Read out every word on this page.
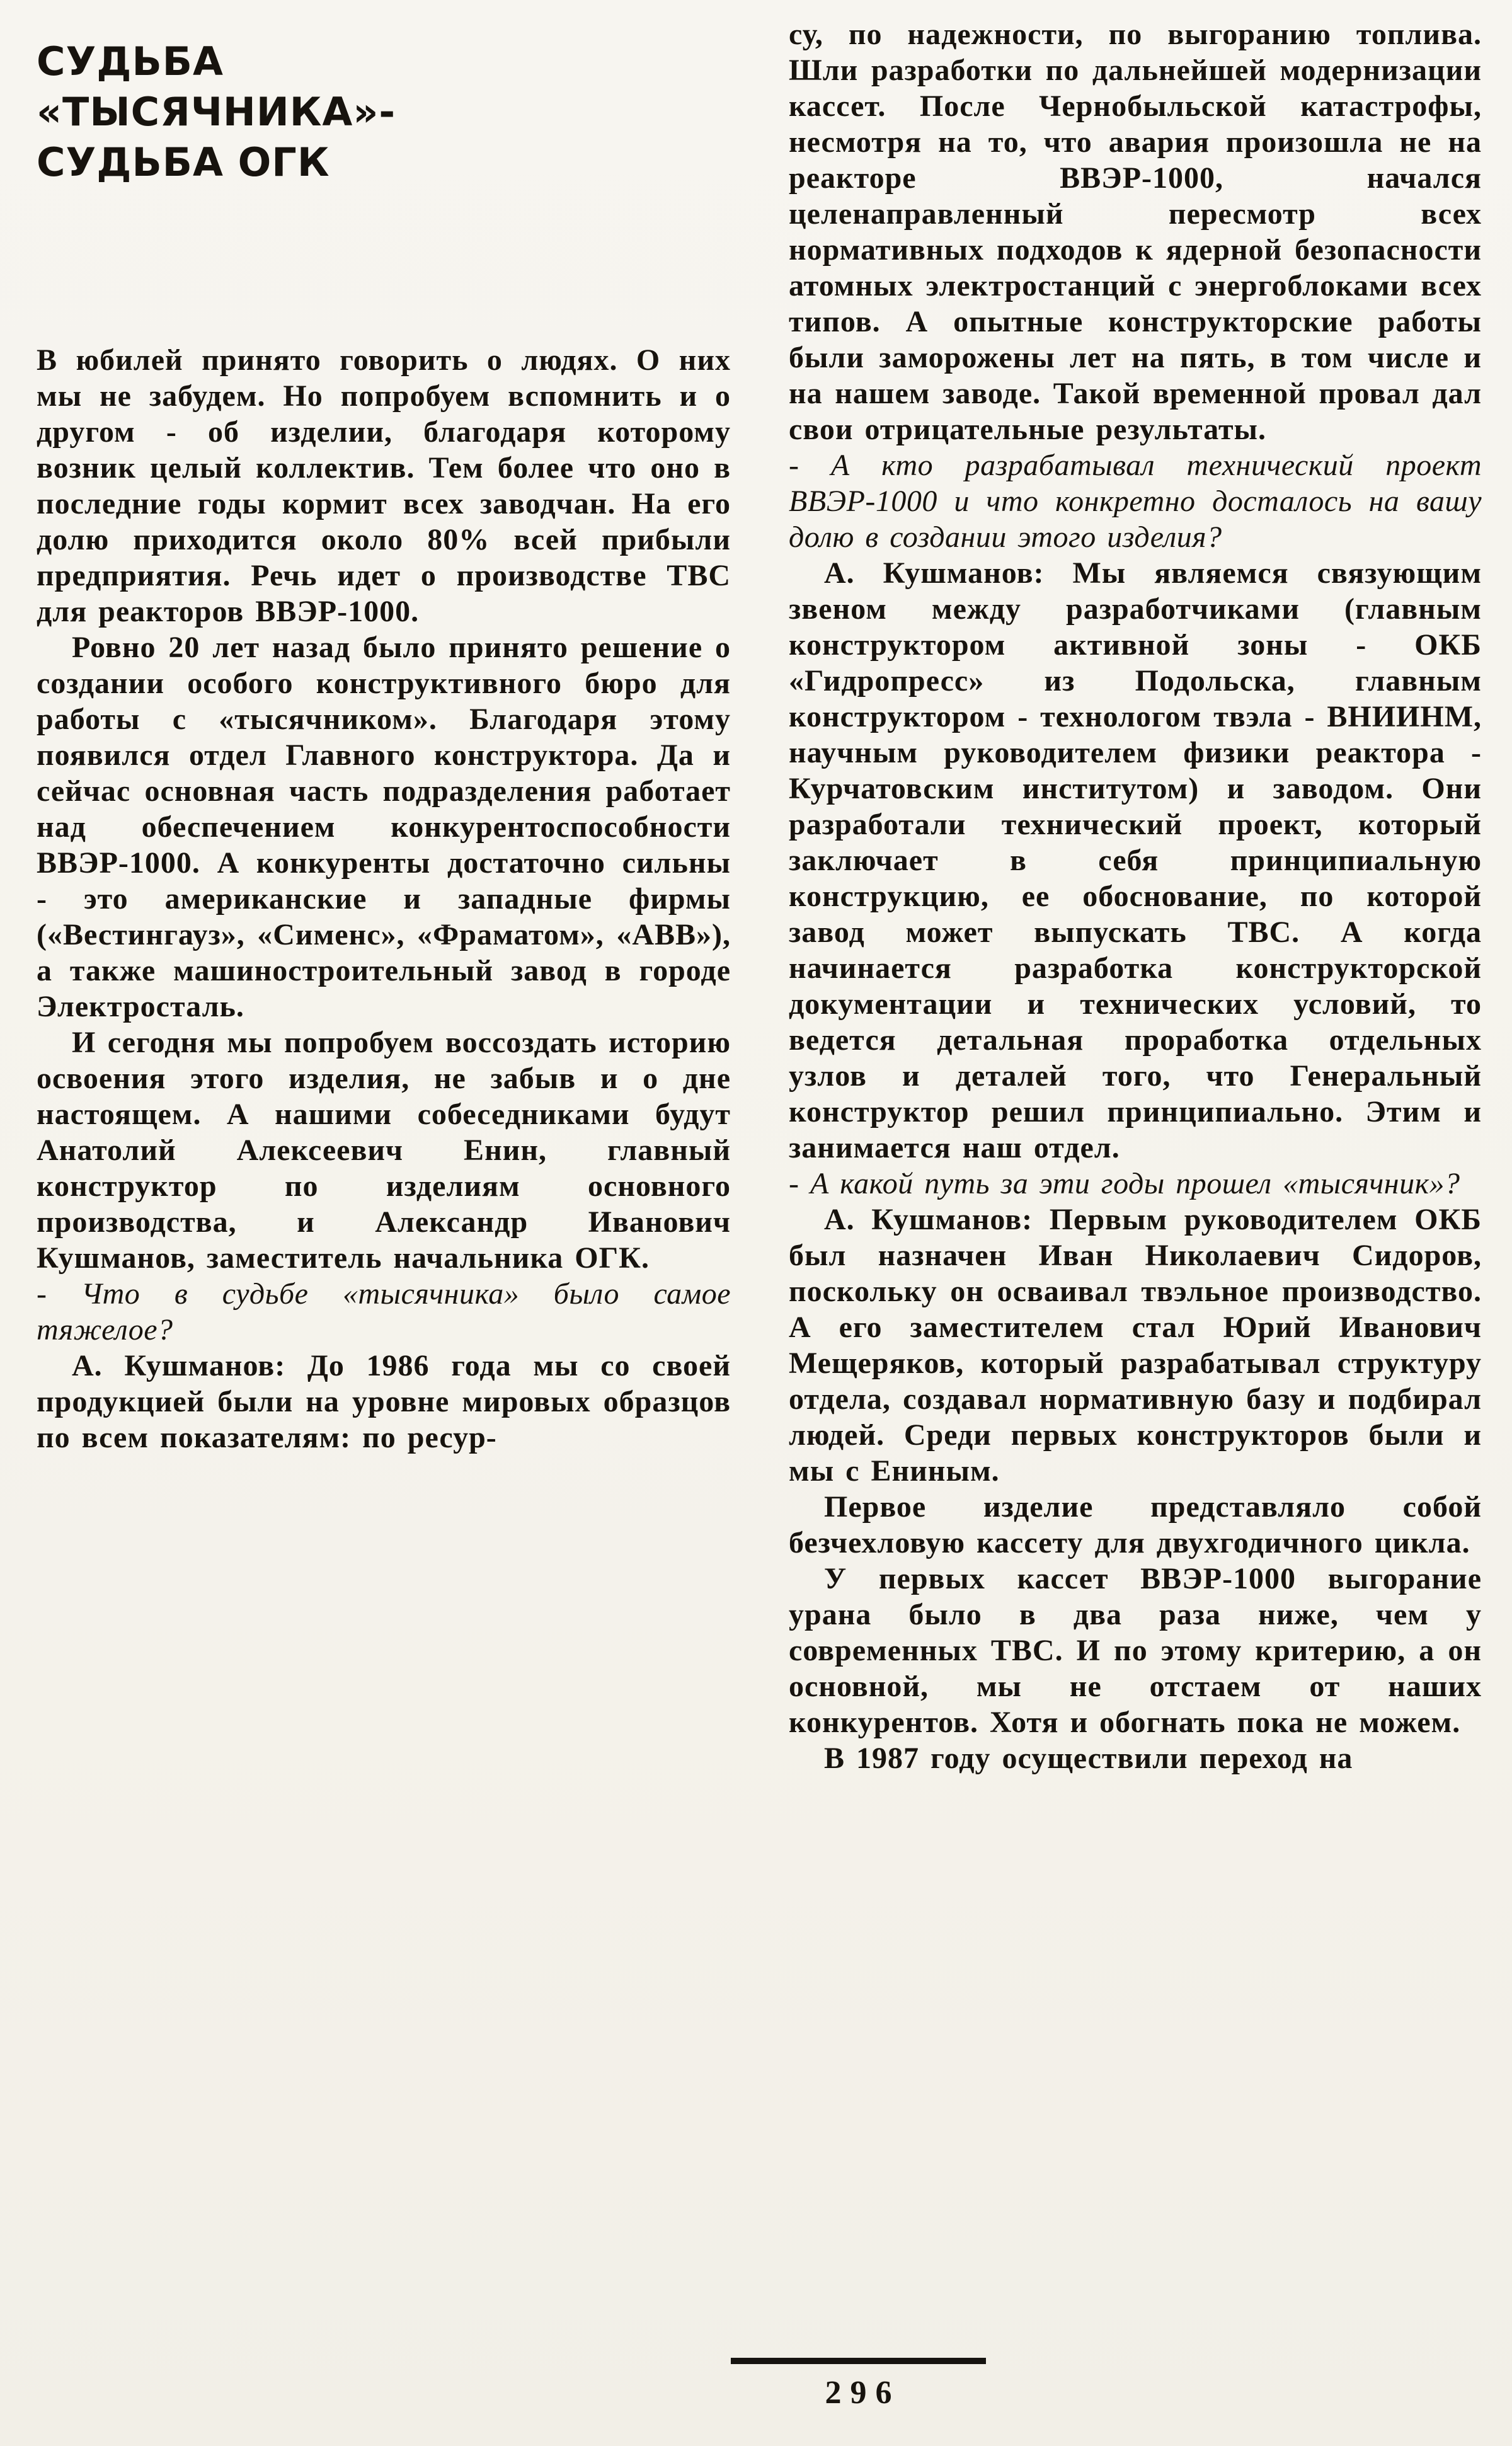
СУДЬБА
«ТЫСЯЧНИКА»-
СУДЬБА ОГК

В юбилей принято говорить о людях. О них мы не забудем. Но попробуем вспомнить и о другом - об изделии, благодаря которому возник целый коллектив. Тем более что оно в последние годы кормит всех заводчан. На его долю приходится около 80% всей прибыли предприятия. Речь идет о производстве ТВС для реакторов ВВЭР-1000.

Ровно 20 лет назад было принято решение о создании особого конструктивного бюро для работы с «тысячником». Благодаря этому появился отдел Главного конструктора. Да и сейчас основная часть подразделения работает над обеспечением конкурентоспособности ВВЭР-1000. А конкуренты достаточно сильны - это американские и западные фирмы («Вестингауз», «Сименс», «Фраматом», «АВВ»), а также машиностроительный завод в городе Электросталь.

И сегодня мы попробуем воссоздать историю освоения этого изделия, не забыв и о дне настоящем. А нашими собеседниками будут Анатолий Алексеевич Енин, главный конструктор по изделиям основного производства, и Александр Иванович Кушманов, заместитель начальника ОГК.

- Что в судьбе «тысячника» было самое тяжелое?

А. Кушманов: До 1986 года мы со своей продукцией были на уровне мировых образцов по всем показателям: по ресур-

су, по надежности, по выгоранию топлива. Шли разработки по дальнейшей модернизации кассет. После Чернобыльской катастрофы, несмотря на то, что авария произошла не на реакторе ВВЭР-1000, начался целенаправленный пересмотр всех нормативных подходов к ядерной безопасности атомных электростанций с энергоблоками всех типов. А опытные конструкторские работы были заморожены лет на пять, в том числе и на нашем заводе. Такой временной провал дал свои отрицательные результаты.

- А кто разрабатывал технический проект ВВЭР-1000 и что конкретно досталось на вашу долю в создании этого изделия?

А. Кушманов: Мы являемся связующим звеном между разработчиками (главным конструктором активной зоны - ОКБ «Гидропресс» из Подольска, главным конструктором - технологом твэла - ВНИИНМ, научным руководителем физики реактора - Курчатовским институтом) и заводом. Они разработали технический проект, который заключает в себя принципиальную конструкцию, ее обоснование, по которой завод может выпускать ТВС. А когда начинается разработка конструкторской документации и технических условий, то ведется детальная проработка отдельных узлов и деталей того, что Генеральный конструктор решил принципиально. Этим и занимается наш отдел.

- А какой путь за эти годы прошел «тысячник»?

А. Кушманов: Первым руководителем ОКБ был назначен Иван Николаевич Сидоров, поскольку он осваивал твэльное производство. А его заместителем стал Юрий Иванович Мещеряков, который разрабатывал структуру отдела, создавал нормативную базу и подбирал людей. Среди первых конструкторов были и мы с Ениным.

Первое изделие представляло собой безчехловую кассету для двухгодичного цикла.

У первых кассет ВВЭР-1000 выгорание урана было в два раза ниже, чем у современных ТВС. И по этому критерию, а он основной, мы не отстаем от наших конкурентов. Хотя и обогнать пока не можем.

В 1987 году осуществили переход на

296
